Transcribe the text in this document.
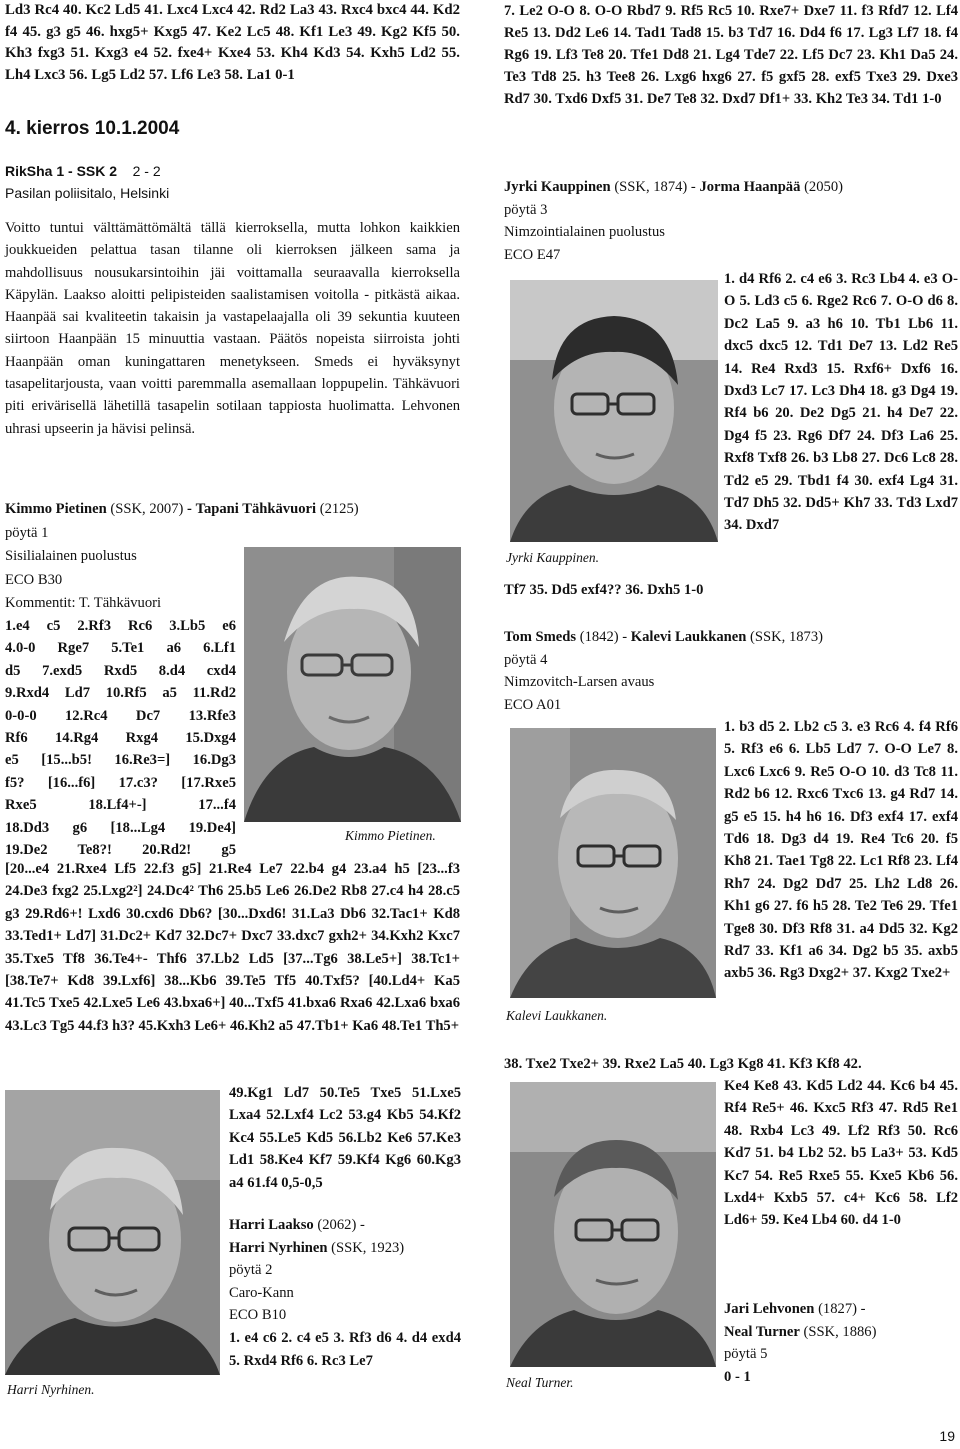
Ld3 Rc4 40. Kc2 Ld5 41. Lxc4 Lxc4 42. Rd2 La3 43. Rxc4 bxc4 44. Kd2 f4 45. g3 g5 46. hxg5+ Kxg5 47. Ke2 Lc5 48. Kf1 Le3 49. Kg2 Kf5 50. Kh3 fxg3 51. Kxg3 e4 52. fxe4+ Kxe4 53. Kh4 Kd3 54. Kxh5 Ld2 55. Lh4 Lxc3 56. Lg5 Ld2 57. Lf6 Le3 58. La1 0-1

4. kierros 10.1.2004

RikSha 1 - SSK 2 2 - 2

Pasilan poliisitalo, Helsinki

Voitto tuntui välttämättömältä tällä kierroksella, mutta lohkon kaikkien joukkueiden pelattua tasan tilanne oli kierroksen jälkeen sama ja mahdollisuus nousukarsintoihin jäi voittamalla seuraavalla kierroksella Käpylän. Laakso aloitti pelipisteiden saalistamisen voitolla - pitkästä aikaa. Haanpää sai kvaliteetin takaisin ja vastapelaajalla oli 39 sekuntia kuuteen siirtoon Haanpään 15 minuuttia vastaan. Päätös nopeista siirroista johti Haanpään oman kuningattaren menetykseen. Smeds ei hyväksynyt tasapelitarjousta, vaan voitti paremmalla asemallaan loppupelin. Tähkävuori piti erivärisellä lähetillä tasapelin sotilaan tappiosta huolimatta. Lehvonen uhrasi upseerin ja hävisi pelinsä.

Kimmo Pietinen (SSK, 2007) - Tapani Tähkävuori (2125)

pöytä 1

Sisilialainen puolustus

ECO B30

Kommentit: T. Tähkävuori

1.e4 c5 2.Rf3 Rc6 3.Lb5 e6

4.0-0 Rge7 5.Te1 a6 6.Lf1

d5 7.exd5 Rxd5 8.d4 cxd4

9.Rxd4 Ld7 10.Rf5 a5 11.Rd2

0-0-0 12.Rc4 Dc7 13.Rfe3

Rf6 14.Rg4 Rxg4 15.Dxg4

e5 [15...b5! 16.Re3=] 16.Dg3

f5? [16...f6] 17.c3? [17.Rxe5

Rxe5 18.Lf4+-] 17...f4

18.Dd3 g6 [18...Lg4 19.De4]

19.De2 Te8?! 20.Rd2! g5

Kimmo Pietinen.

[20...e4 21.Rxe4 Lf5 22.f3 g5] 21.Re4 Le7 22.b4 g4 23.a4 h5 [23...f3 24.De3 fxg2 25.Lxg2²] 24.Dc4² Th6 25.b5 Le6 26.De2 Rb8 27.c4 h4 28.c5 g3 29.Rd6+! Lxd6 30.cxd6 Db6? [30...Dxd6! 31.La3 Db6 32.Tac1+ Kd8 33.Ted1+ Ld7] 31.Dc2+ Kd7 32.Dc7+ Dxc7 33.dxc7 gxh2+ 34.Kxh2 Kxc7 35.Txe5 Tf8 36.Te4+- Thf6 37.Lb2 Ld5 [37...Tg6 38.Le5+] 38.Tc1+ [38.Te7+ Kd8 39.Lxf6] 38...Kb6 39.Te5 Tf5 40.Txf5? [40.Ld4+ Ka5 41.Tc5 Txe5 42.Lxe5 Le6 43.bxa6+] 40...Txf5 41.bxa6 Rxa6 42.Lxa6 bxa6 43.Lc3 Tg5 44.f3 h3? 45.Kxh3 Le6+ 46.Kh2 a5 47.Tb1+ Ka6 48.Te1 Th5+

Harri Nyrhinen.

49.Kg1 Ld7 50.Te5 Txe5 51.Lxe5 Lxa4 52.Lxf4 Lc2 53.g4 Kb5 54.Kf2 Kc4 55.Le5 Kd5 56.Lb2 Ke6 57.Ke3 Ld1 58.Ke4 Kf7 59.Kf4 Kg6 60.Kg3 a4 61.f4 0,5-0,5

Harri Laakso (2062) -

Harri Nyrhinen (SSK, 1923)

pöytä 2

Caro-Kann

ECO B10

1. e4 c6 2. c4 e5 3. Rf3 d6 4. d4 exd4 5. Rxd4 Rf6 6. Rc3 Le7

7. Le2 O-O 8. O-O Rbd7 9. Rf5 Rc5 10. Rxe7+ Dxe7 11. f3 Rfd7 12. Lf4 Re5 13. Dd2 Le6 14. Tad1 Tad8 15. b3 Td7 16. Dd4 f6 17. Lg3 Lf7 18. f4 Rg6 19. Lf3 Te8 20. Tfe1 Dd8 21. Lg4 Tde7 22. Lf5 Dc7 23. Kh1 Da5 24. Te3 Td8 25. h3 Tee8 26. Lxg6 hxg6 27. f5 gxf5 28. exf5 Txe3 29. Dxe3 Rd7 30. Txd6 Dxf5 31. De7 Te8 32. Dxd7 Df1+ 33. Kh2 Te3 34. Td1 1-0

Jyrki Kauppinen (SSK, 1874) - Jorma Haanpää (2050)

pöytä 3

Nimzointialainen puolustus

ECO E47

Jyrki Kauppinen.

1. d4 Rf6 2. c4 e6 3. Rc3 Lb4 4. e3 O-O 5. Ld3 c5 6. Rge2 Rc6 7. O-O d6 8. Dc2 La5 9. a3 h6 10. Tb1 Lb6 11. dxc5 dxc5 12. Td1 De7 13. Ld2 Re5 14. Re4 Rxd3 15. Rxf6+ Dxf6 16. Dxd3 Lc7 17. Lc3 Dh4 18. g3 Dg4 19. Rf4 b6 20. De2 Dg5 21. h4 De7 22. Dg4 f5 23. Rg6 Df7 24. Df3 La6 25. Rxf8 Txf8 26. b3 Lb8 27. Dc6 Lc8 28. Td2 e5 29. Tbd1 f4 30. exf4 Lg4 31. Td7 Dh5 32. Dd5+ Kh7 33. Td3 Lxd7 34. Dxd7

Tf7 35. Dd5 exf4?? 36. Dxh5 1-0

Tom Smeds (1842) - Kalevi Laukkanen (SSK, 1873)

pöytä 4

Nimzovitch-Larsen avaus

ECO A01

Kalevi Laukkanen.

1. b3 d5 2. Lb2 c5 3. e3 Rc6 4. f4 Rf6 5. Rf3 e6 6. Lb5 Ld7 7. O-O Le7 8. Lxc6 Lxc6 9. Re5 O-O 10. d3 Tc8 11. Rd2 b6 12. Rxc6 Txc6 13. g4 Rd7 14. g5 e5 15. h4 h6 16. Df3 exf4 17. exf4 Td6 18. Dg3 d4 19. Re4 Tc6 20. f5 Kh8 21. Tae1 Tg8 22. Lc1 Rf8 23. Lf4 Rh7 24. Dg2 Dd7 25. Lh2 Ld8 26. Kh1 g6 27. f6 h5 28. Te2 Te6 29. Tfe1 Tge8 30. Df3 Rf8 31. a4 Dd5 32. Kg2 Rd7 33. Kf1 a6 34. Dg2 b5 35. axb5 axb5 36. Rg3 Dxg2+ 37. Kxg2 Txe2+

38. Txe2 Txe2+ 39. Rxe2 La5 40. Lg3 Kg8 41. Kf3 Kf8 42.

Neal Turner.

Ke4 Ke8 43. Kd5 Ld2 44. Kc6 b4 45. Rf4 Re5+ 46. Kxc5 Rf3 47. Rd5 Re1 48. Rxb4 Lc3 49. Lf2 Rf3 50. Rc6 Kd7 51. b4 Lb2 52. b5 La3+ 53. Kd5 Kc7 54. Re5 Rxe5 55. Kxe5 Kb6 56. Lxd4+ Kxb5 57. c4+ Kc6 58. Lf2 Ld6+ 59. Ke4 Lb4 60. d4 1-0

Jari Lehvonen (1827) -

Neal Turner (SSK, 1886)

pöytä 5

0 - 1

19
